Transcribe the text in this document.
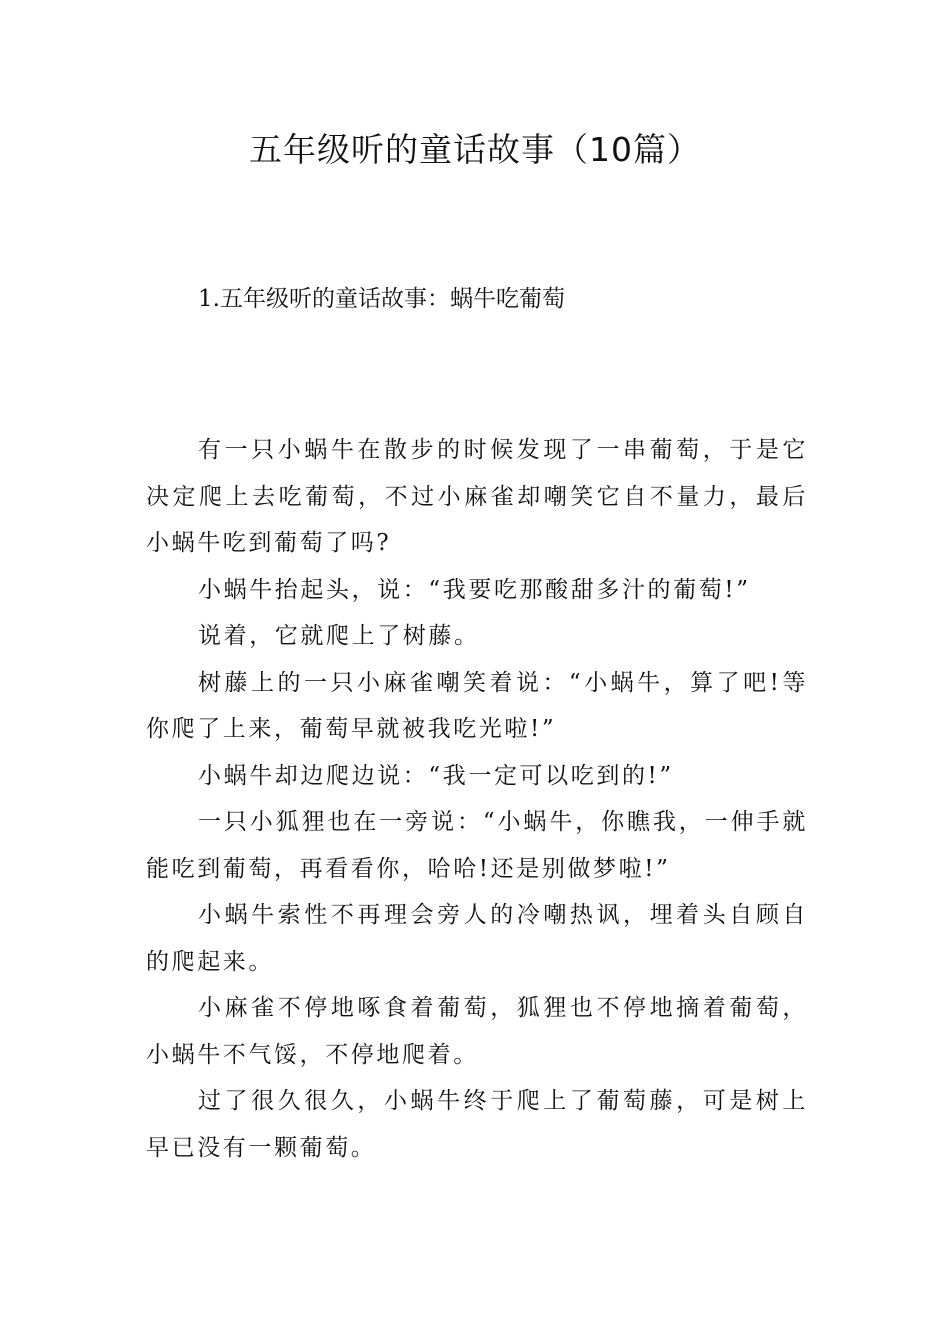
五年级听的童话故事（10篇）
1.五年级听的童话故事：蜗牛吃葡萄

有一只小蜗牛在散步的时候发现了一串葡萄，于是它决定爬上去吃葡萄，不过小麻雀却嘲笑它自不量力，最后小蜗牛吃到葡萄了吗?

小蜗牛抬起头，说：“我要吃那酸甜多汁的葡萄!”

说着，它就爬上了树藤。

树藤上的一只小麻雀嘲笑着说：“小蜗牛，算了吧!等你爬了上来，葡萄早就被我吃光啦!”

小蜗牛却边爬边说：“我一定可以吃到的!”

一只小狐狸也在一旁说：“小蜗牛，你瞧我，一伸手就能吃到葡萄，再看看你，哈哈!还是别做梦啦!”

小蜗牛索性不再理会旁人的冷嘲热讽，埋着头自顾自的爬起来。

小麻雀不停地啄食着葡萄，狐狸也不停地摘着葡萄，小蜗牛不气馁，不停地爬着。

过了很久很久，小蜗牛终于爬上了葡萄藤，可是树上早已没有一颗葡萄。
